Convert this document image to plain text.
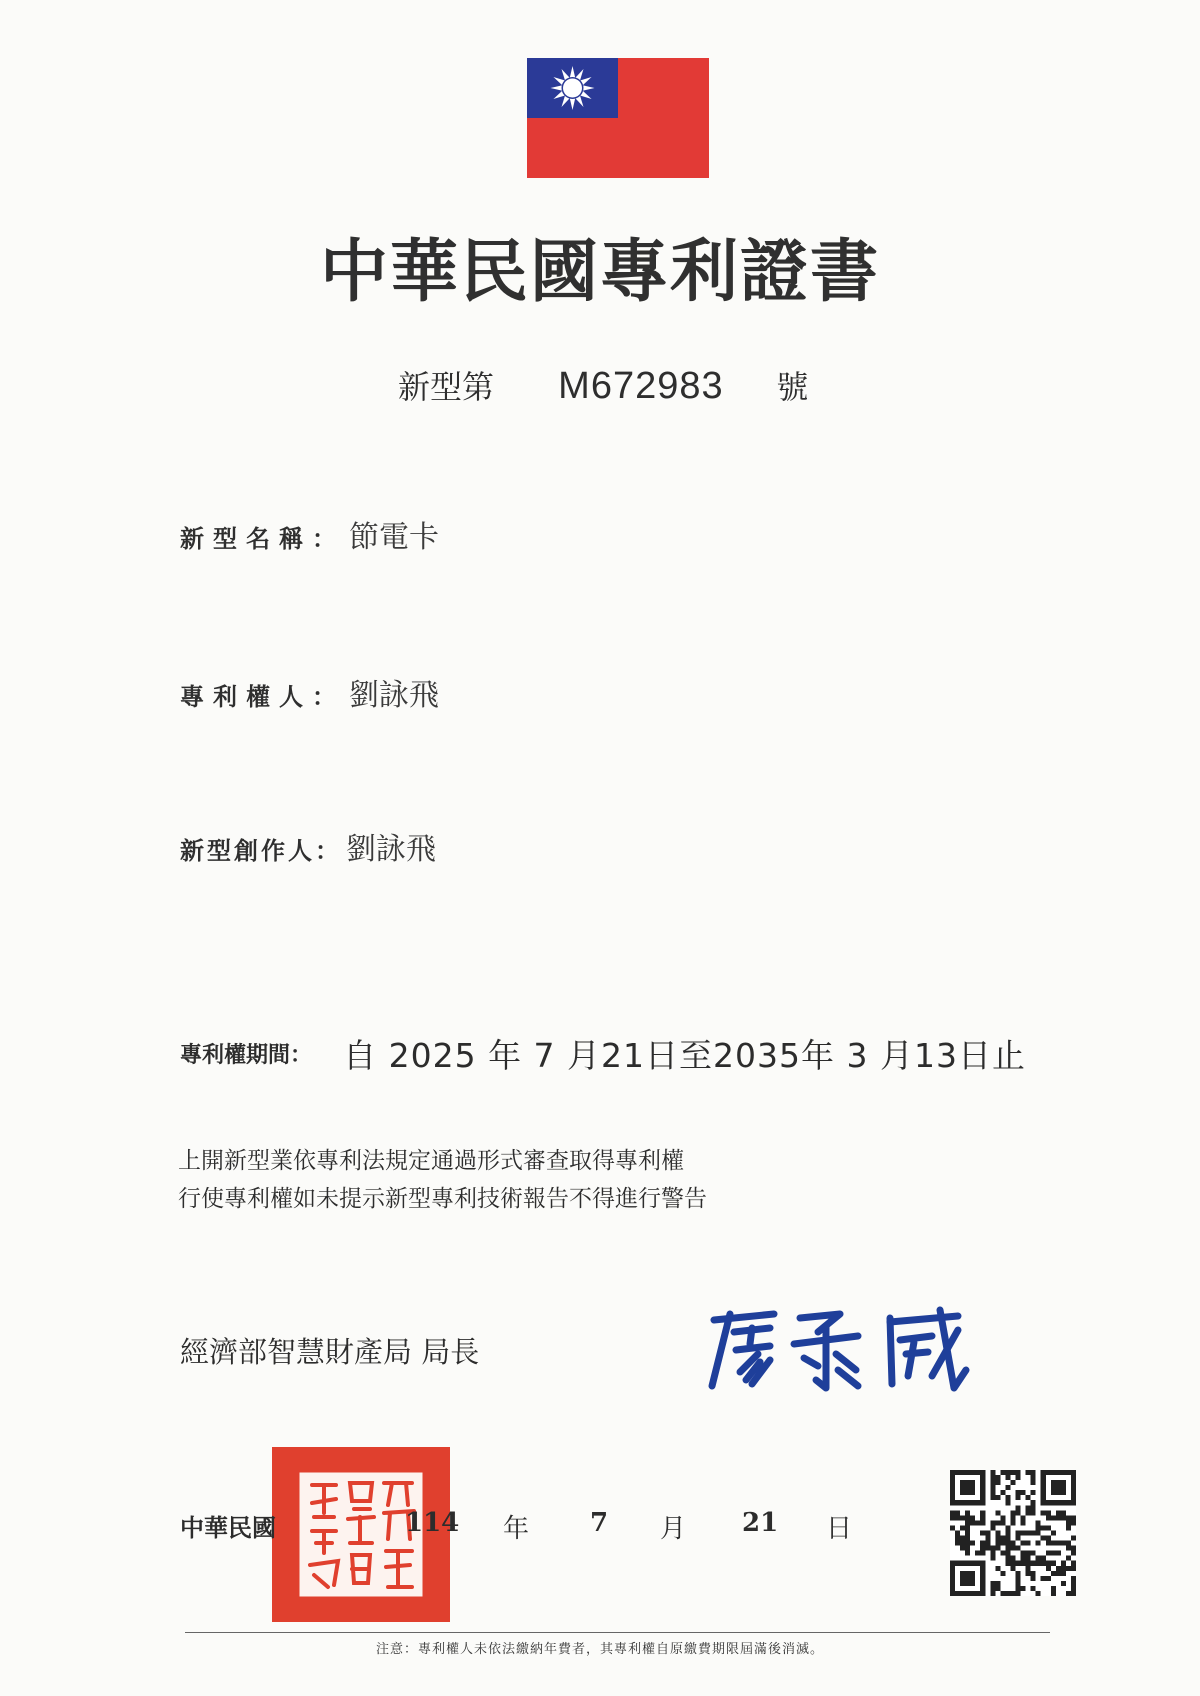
中華民國專利證書
新型第 M672983 號
新型名稱： 節電卡
專利權人： 劉詠飛
新型創作人： 劉詠飛
專利權期間： 自 2025 年 7 月21日至2035年 3 月13日止
上開新型業依專利法規定通過形式審查取得專利權
行使專利權如未提示新型專利技術報告不得進行警告
經濟部智慧財產局 局長
中華民國	114 年 7 月 21 日
注意：專利權人未依法繳納年費者，其專利權自原繳費期限屆滿後消滅。
